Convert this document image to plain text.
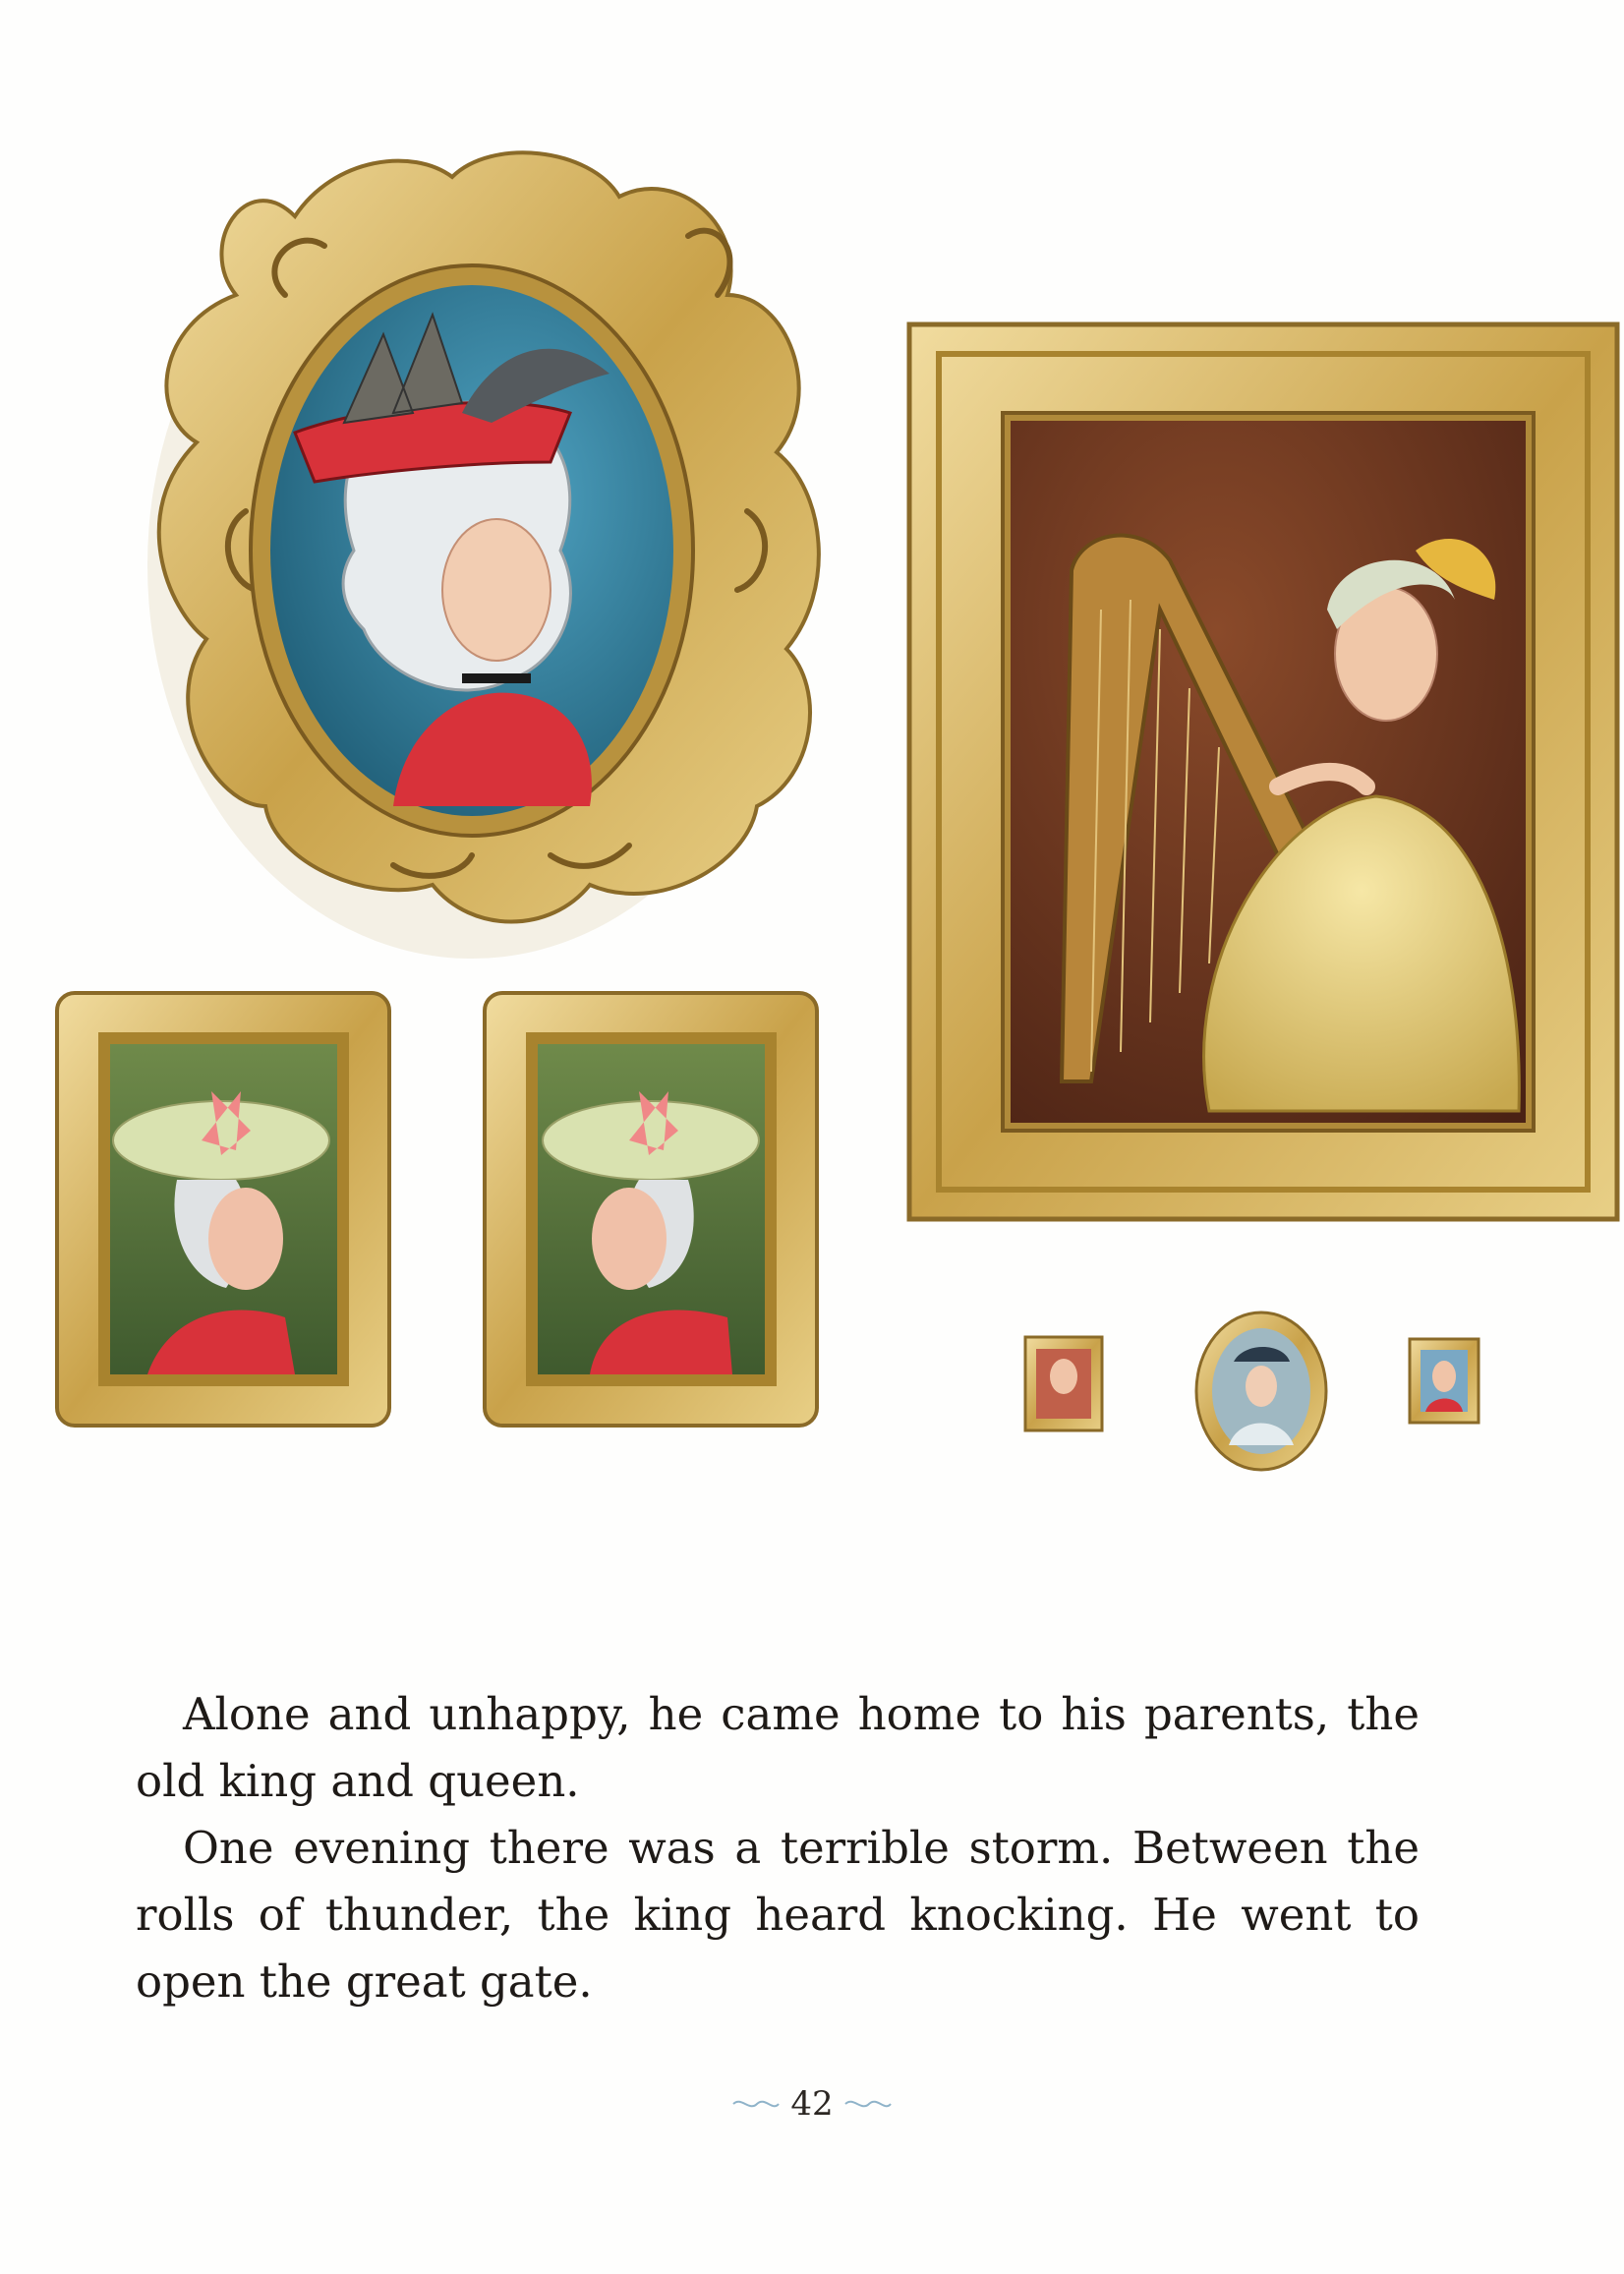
Alone and unhappy, he came home to his parents, the old king and queen.

One evening there was a terrible storm. Between the rolls of thunder, the king heard knocking. He went to open the great gate.

42
